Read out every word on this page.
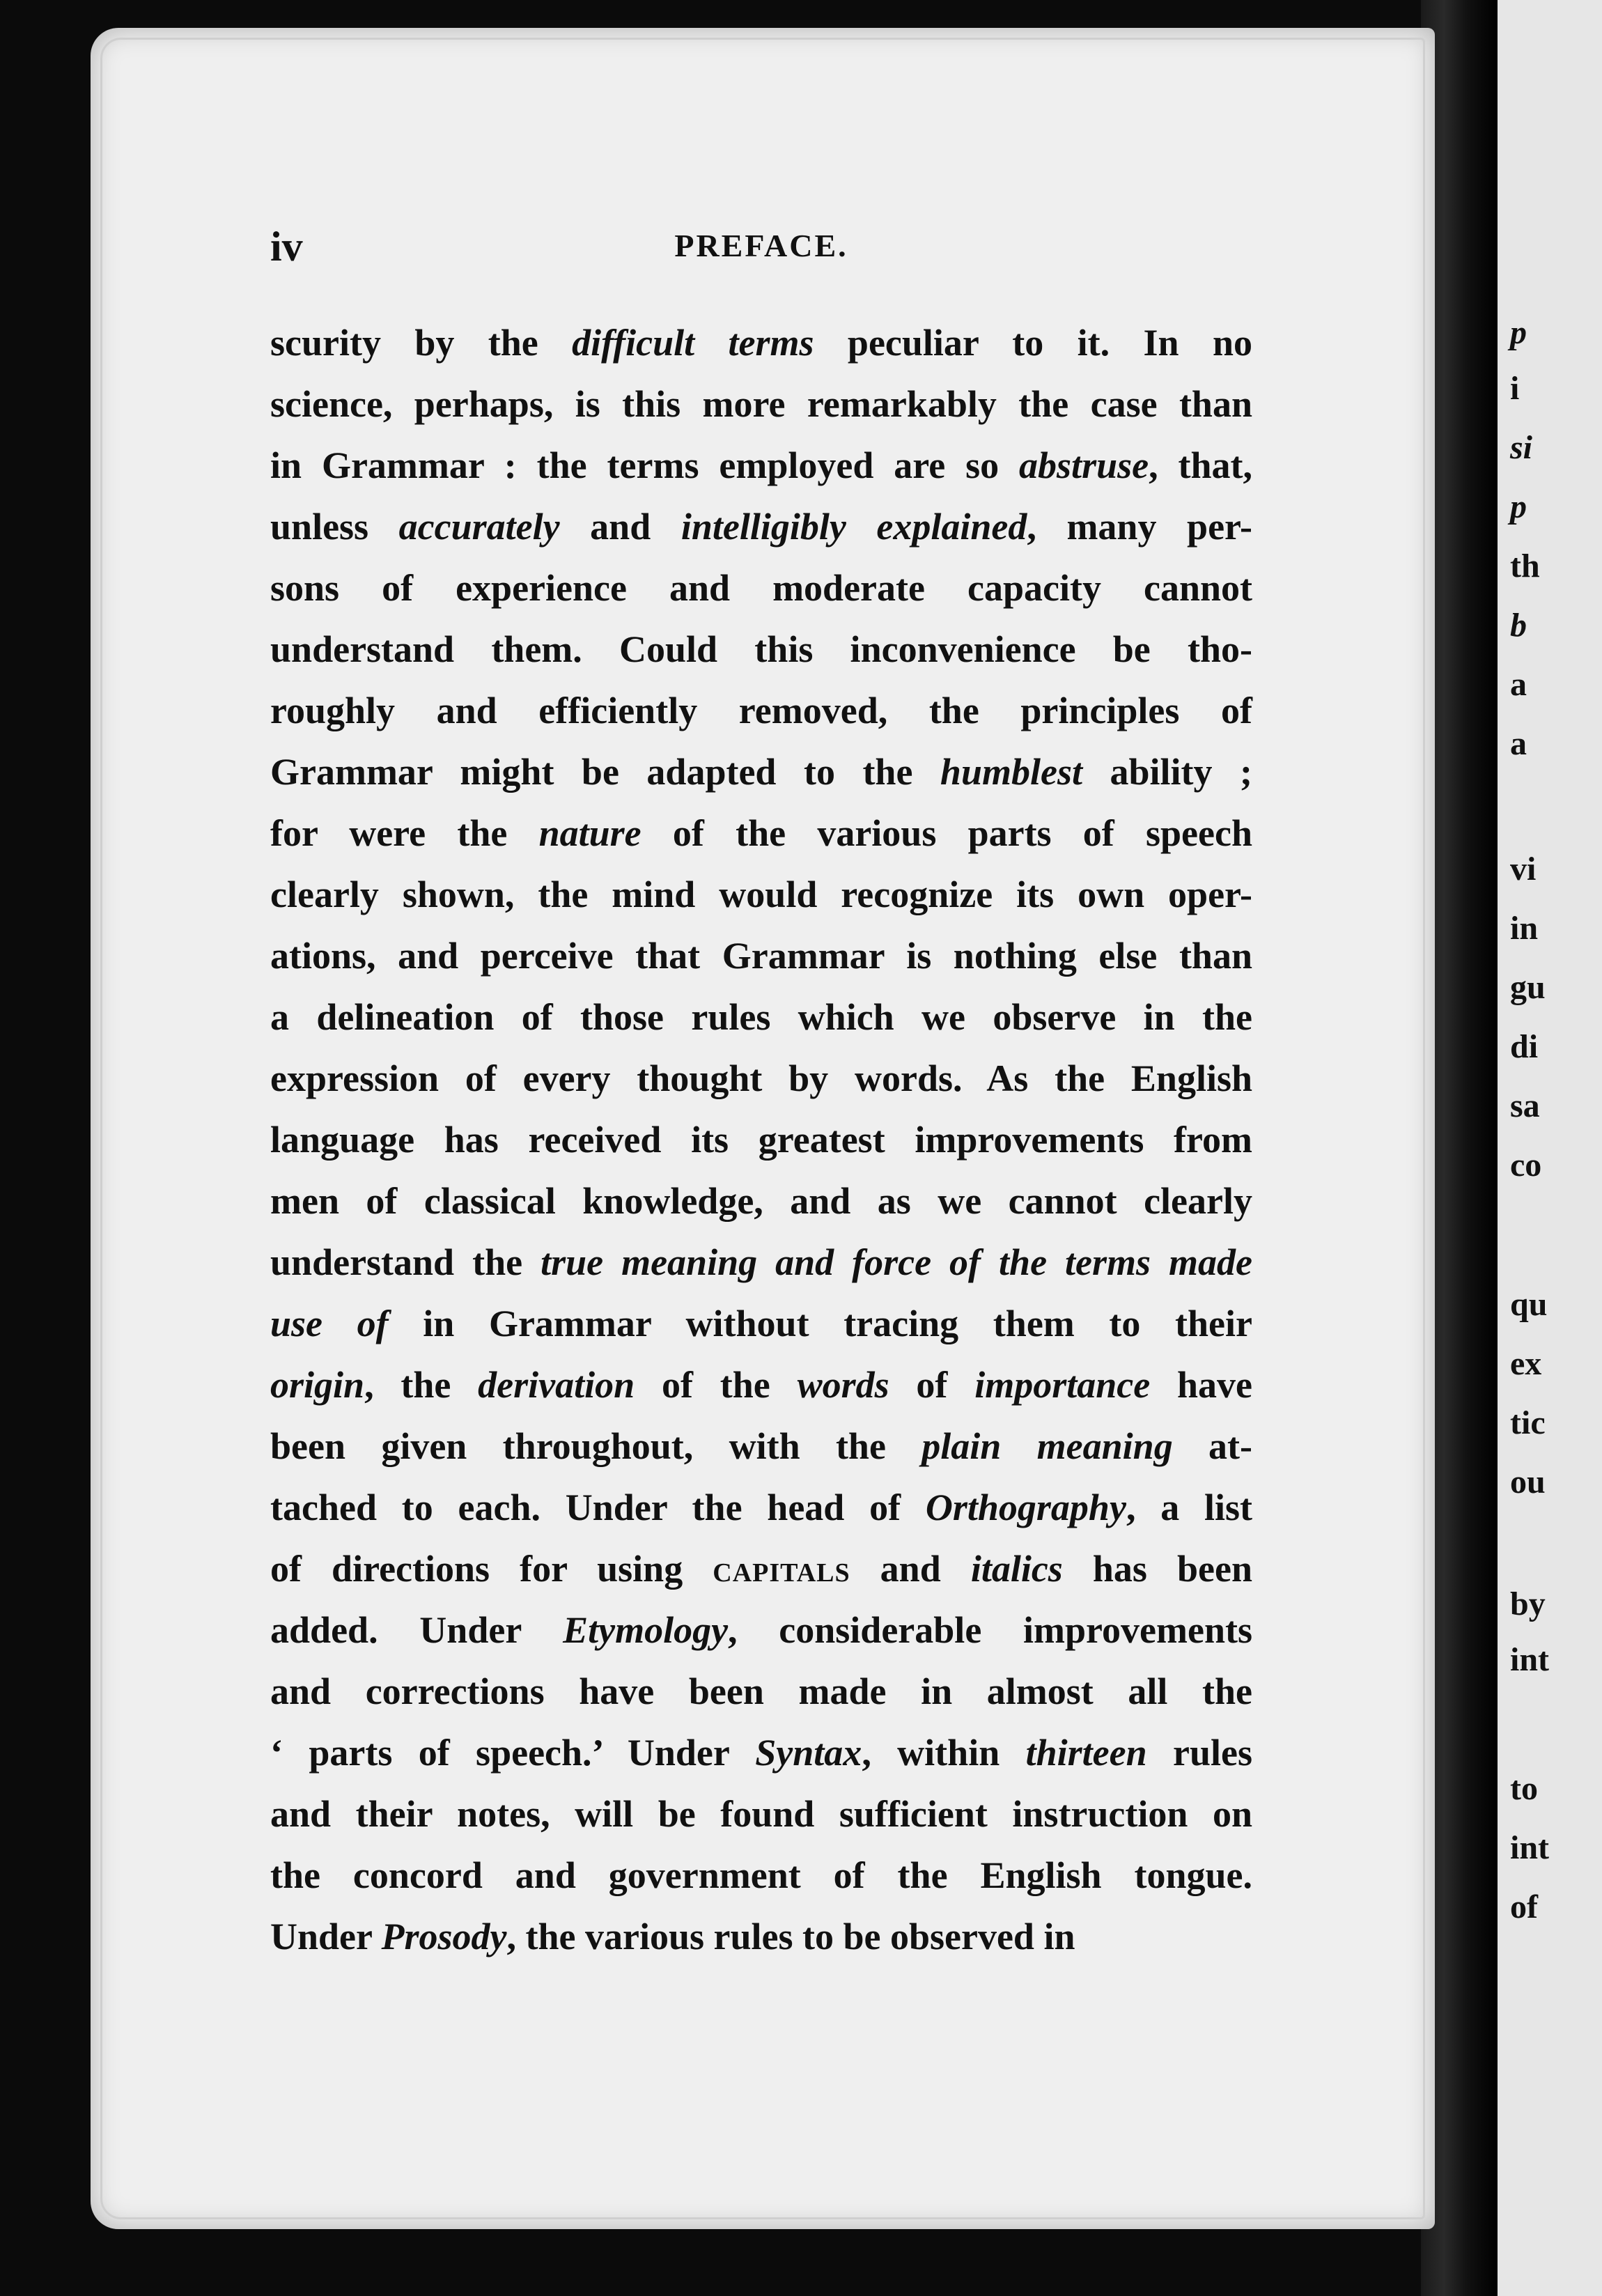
p
i
si
p
th
b
a
a
vi
in
gu
di
sa
co
qu
ex
tic
ou
by
int
to
int
of
iv	PREFACE.
scurity by the difficult terms peculiar to it. In no
science, perhaps, is this more remarkably the case than
in Grammar : the terms employed are so abstruse, that,
unless accurately and intelligibly explained, many per-
sons of experience and moderate capacity cannot
understand them. Could this inconvenience be tho-
roughly and efficiently removed, the principles of
Grammar might be adapted to the humblest ability ;
for were the nature of the various parts of speech
clearly shown, the mind would recognize its own oper-
ations, and perceive that Grammar is nothing else than
a delineation of those rules which we observe in the
expression of every thought by words. As the English
language has received its greatest improvements from
men of classical knowledge, and as we cannot clearly
understand the true meaning and force of the terms made
use of in Grammar without tracing them to their
origin, the derivation of the words of importance have
been given throughout, with the plain meaning at-
tached to each. Under the head of Orthography, a list
of directions for using capitals and italics has been
added. Under Etymology, considerable improvements
and corrections have been made in almost all the
‘ parts of speech.’ Under Syntax, within thirteen rules
and their notes, will be found sufficient instruction on
the concord and government of the English tongue.
Under Prosody, the various rules to be observed in
